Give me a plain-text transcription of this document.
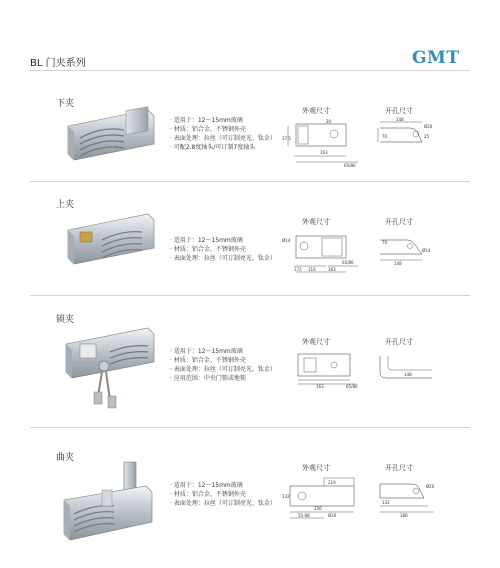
BL 门夹系列	GMT
下夹
· 适用于：12～15mm玻璃
· 材质：铝合金、不锈钢外壳
· 表面处理：拉丝（可订制亮光、钛金）
· 可配2.8度轴头/可订制7度轴头
外观尺寸	开孔尺寸
20
65/80
163
37.5
148
Ø20
70	25
上夹
· 适用于：12～15mm玻璃
· 材质：铝合金、不锈钢外壳
· 表面处理：拉丝（可订制亮光、钛金）
外观尺寸	开孔尺寸
Ø14
65/80
172 116	163
70
148
Ø14
锁夹
· 适用于：12～15mm玻璃
· 材质：铝合金、不锈钢外壳
· 表面处理：拉丝（可订制亮光、钛金）
· 应用范围：中央门锁或地锁
外观尺寸	开孔尺寸
163	65/80
148
曲夹
· 适用于：12～15mm玻璃
· 材质：铝合金、不锈钢外壳
· 表面处理：拉丝（可订制亮光、钛金）
外观尺寸	开孔尺寸
219
156
55-88	Ø20
132
Ø20
132
186
